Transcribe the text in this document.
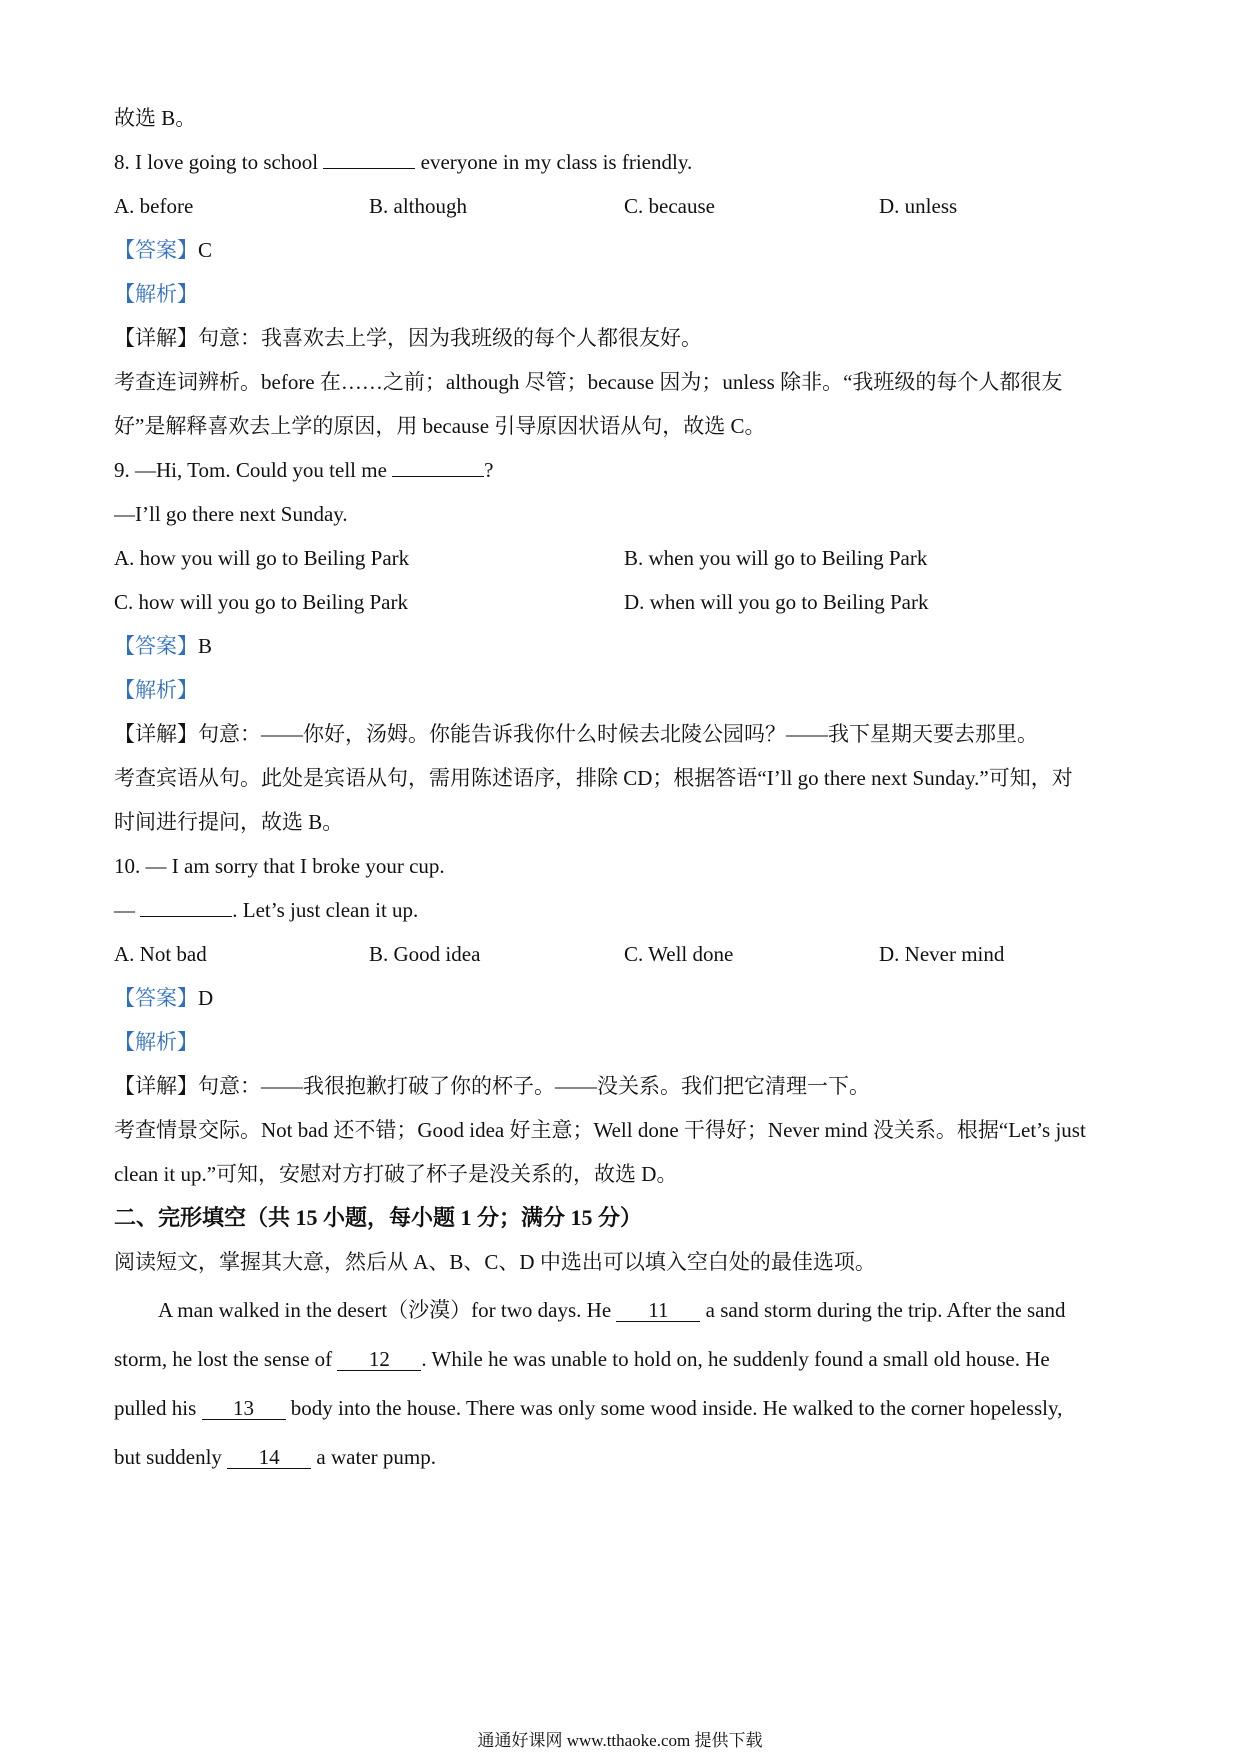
故选 B。
8. I love going to school	everyone in my class is friendly.
A. before	B. although	C. because	D. unless
【答案】C
【解析】
【详解】句意：我喜欢去上学，因为我班级的每个人都很友好。
考查连词辨析。before 在……之前；although 尽管；because 因为；unless 除非。“我班级的每个人都很友
好”是解释喜欢去上学的原因，用 because 引导原因状语从句，故选 C。
9. —Hi, Tom. Could you tell me	?
—I’ll go there next Sunday.
A. how you will go to Beiling Park	B. when you will go to Beiling Park
C. how will you go to Beiling Park	D. when will you go to Beiling Park
【答案】B
【解析】
【详解】句意：——你好，汤姆。你能告诉我你什么时候去北陵公园吗？——我下星期天要去那里。
考查宾语从句。此处是宾语从句，需用陈述语序，排除 CD；根据答语“I’ll go there next Sunday.”可知，对
时间进行提问，故选 B。
10. — I am sorry that I broke your cup.
—	. Let’s just clean it up.
A. Not bad	B. Good idea	C. Well done	D. Never mind
【答案】D
【解析】
【详解】句意：——我很抱歉打破了你的杯子。——没关系。我们把它清理一下。
考查情景交际。Not bad 还不错；Good idea 好主意；Well done 干得好；Never mind 没关系。根据“Let’s just
clean it up.”可知，安慰对方打破了杯子是没关系的，故选 D。
二、完形填空（共 15 小题，每小题 1 分；满分 15 分）
阅读短文，掌握其大意，然后从 A、B、C、D 中选出可以填入空白处的最佳选项。
A man walked in the desert（沙漠）for two days. He 11 a sand storm during the trip. After the sand
storm, he lost the sense of 12 . While he was unable to hold on, he suddenly found a small old house. He
pulled his 13 body into the house. There was only some wood inside. He walked to the corner hopelessly,
but suddenly 14 a water pump.
通通好课网 www.tthaoke.com 提供下载
